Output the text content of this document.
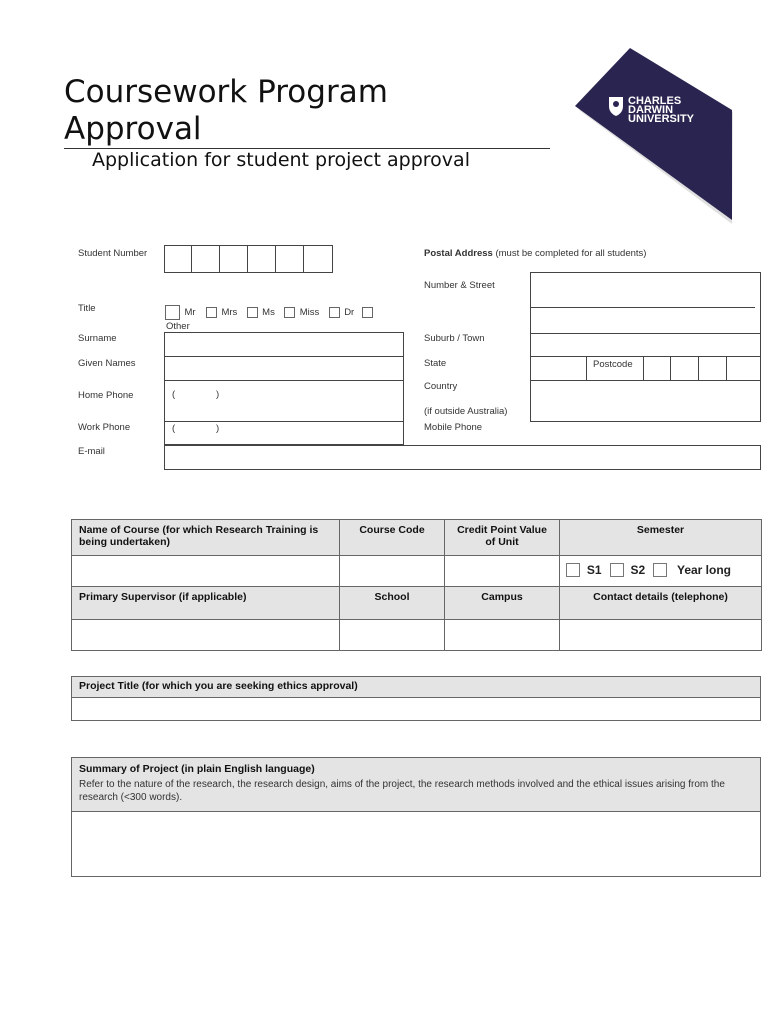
Coursework Program Approval
Application for student project approval
CHARLES
DARWIN
UNIVERSITY
Student Number
Title	Mr	Mrs	Ms	Miss	Dr
Other
Surname
Given Names
Home Phone	(	)
Work Phone	(	)
E-mail
Postal Address (must be completed for all students)
Number & Street
Suburb / Town
State	Postcode
Country
(if outside Australia)
Mobile Phone
Name of Course (for which Research Training is being undertaken)	Course Code	Credit Point Value of Unit	Semester
			S1 S2 Year long
Primary Supervisor (if applicable)	School	Campus	Contact details (telephone)

Project Title (for which you are seeking ethics approval)

Summary of Project (in plain English language)
Refer to the nature of the research, the research design, aims of the project, the research methods involved and the ethical issues arising from the research (<300 words).
